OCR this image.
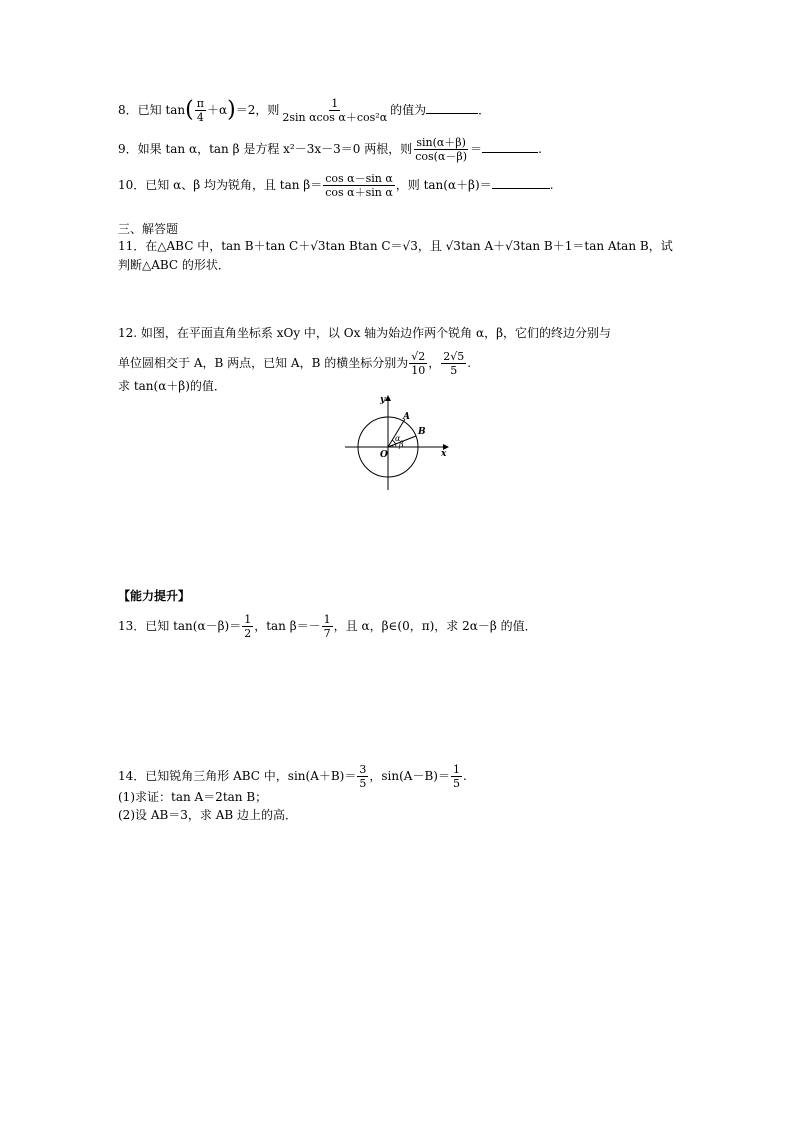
8．已知 $\tan( \frac{\pi}{4} +\alpha)=2$，则 $\frac{1}{\text{2sin αcos α＋cos²α}}$ 的值为	．
9．如果 tan α，tan β 是方程 x²－3x－3＝0 两根，则 $\frac{\sin(\alpha+\beta)}{\cos(\alpha-\beta)}$ ＝	.
10．已知 α、β 均为锐角，且 $\tan \beta= \frac{\text{cos α－sin α}}{\text{cos α＋sin α}}$ ，则 tan(α＋β)＝	.
三、解答题
11．在△ABC 中，tan B＋tan C＋√3tan Btan C＝√3，且 √3tan A＋√3tan B＋1＝tan Atan B，试
判断△ABC 的形状．
12. 如图，在平面直角坐标系 xOy 中，以 Ox 轴为始边作两个锐角 α，β，它们的终边分别与
单位圆相交于 A，B 两点，已知 A，B 的横坐标分别为 $\frac{√2}{10}$ ， $\frac{2√5}{5}$ .
求 tan(α＋β)的值．
y
x
O
A
B
α
β
【能力提升】
13．已知 $\tan(\alpha-\beta)= \frac{1}{2}$ ，$\tan \beta=- \frac{1}{7}$ ，且 α，β∈(0，π)，求 2α－β 的值．
14．已知锐角三角形 ABC 中，$\sin(A+B)= \frac{3}{5}$ ，$\sin(A-B)= \frac{1}{5}$ .
(1)求证：tan A＝2tan B；
(2)设 AB＝3，求 AB 边上的高．
